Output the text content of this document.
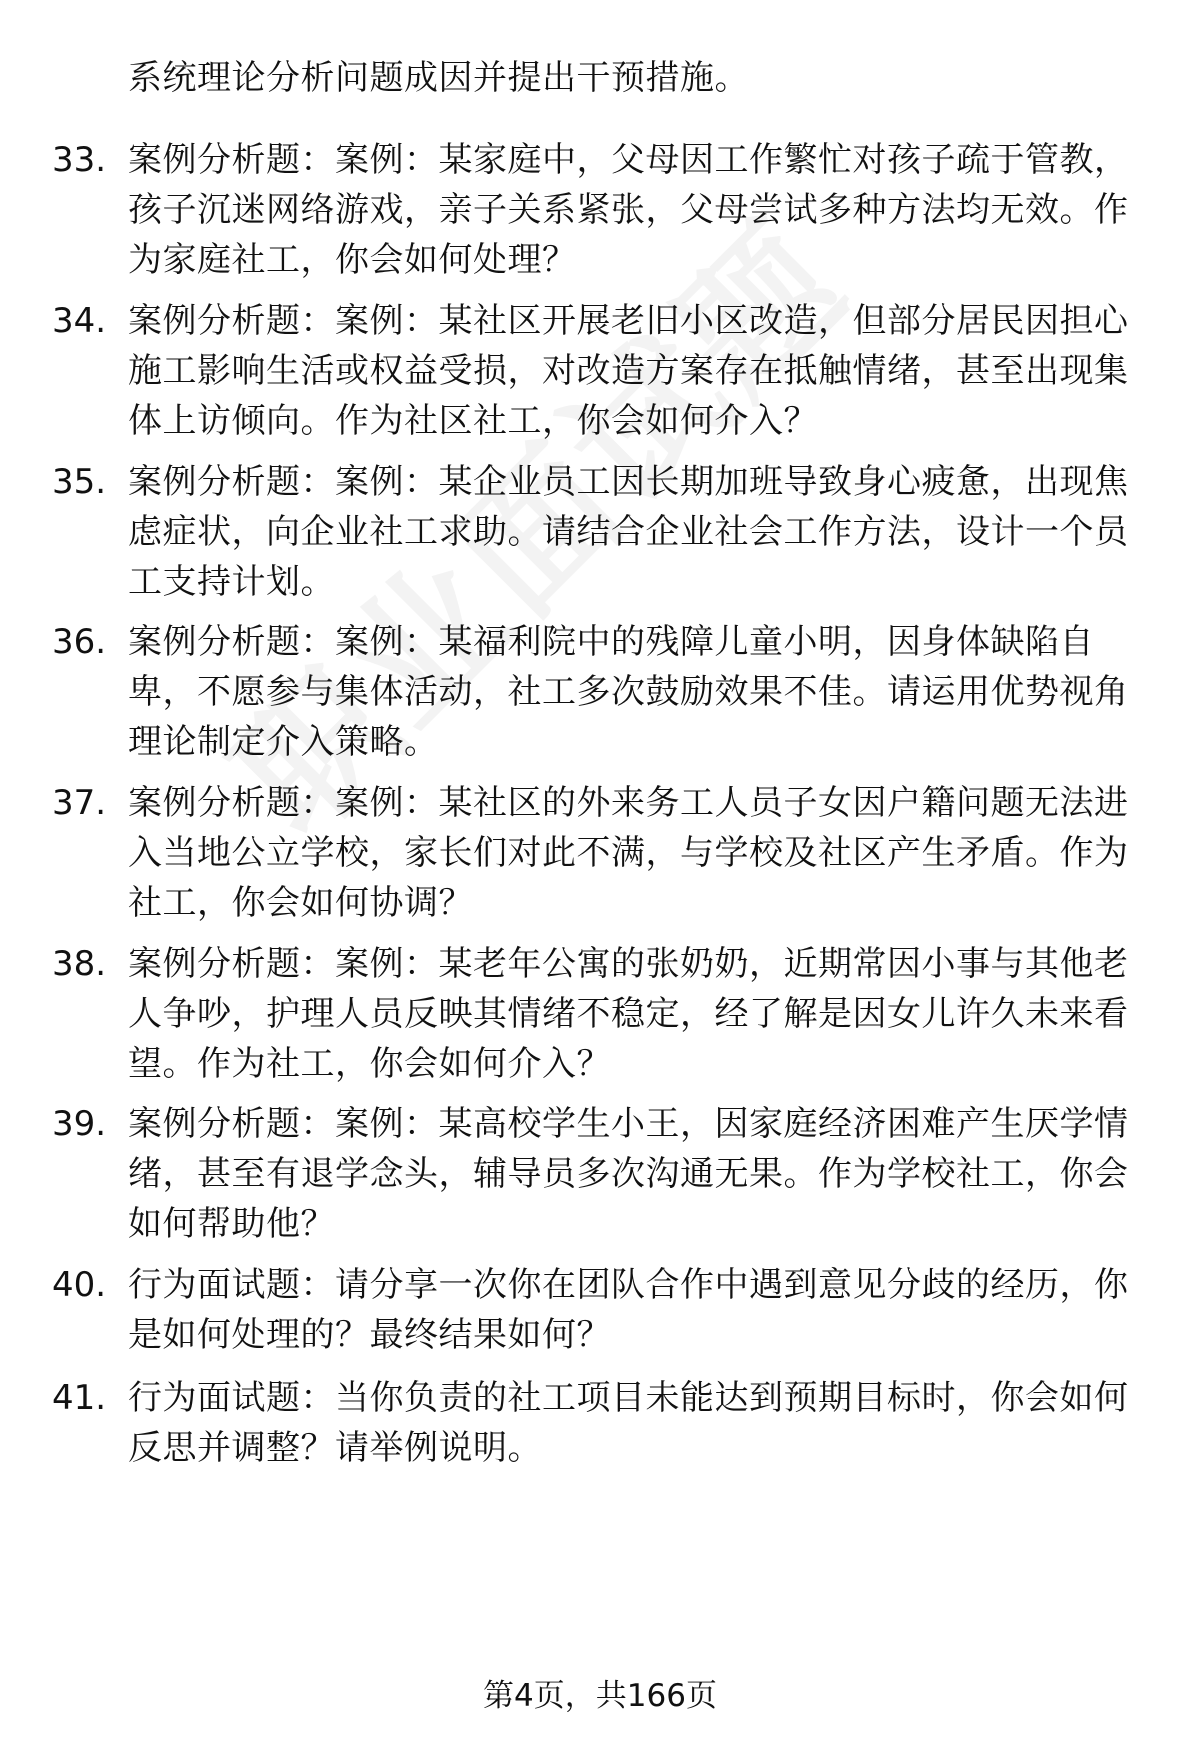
系统理论分析问题成因并提出干预措施。
33. 案例分析题：案例：某家庭中，父母因工作繁忙对孩子疏于管教，孩子沉迷网络游戏，亲子关系紧张，父母尝试多种方法均无效。作为家庭社工，你会如何处理？
34. 案例分析题：案例：某社区开展老旧小区改造，但部分居民因担心施工影响生活或权益受损，对改造方案存在抵触情绪，甚至出现集体上访倾向。作为社区社工，你会如何介入？
35. 案例分析题：案例：某企业员工因长期加班导致身心疲惫，出现焦虑症状，向企业社工求助。请结合企业社会工作方法，设计一个员工支持计划。
36. 案例分析题：案例：某福利院中的残障儿童小明，因身体缺陷自卑，不愿参与集体活动，社工多次鼓励效果不佳。请运用优势视角理论制定介入策略。
37. 案例分析题：案例：某社区的外来务工人员子女因户籍问题无法进入当地公立学校，家长们对此不满，与学校及社区产生矛盾。作为社工，你会如何协调？
38. 案例分析题：案例：某老年公寓的张奶奶，近期常因小事与其他老人争吵，护理人员反映其情绪不稳定，经了解是因女儿许久未来看望。作为社工，你会如何介入？
39. 案例分析题：案例：某高校学生小王，因家庭经济困难产生厌学情绪，甚至有退学念头，辅导员多次沟通无果。作为学校社工，你会如何帮助他？
40. 行为面试题：请分享一次你在团队合作中遇到意见分歧的经历，你是如何处理的？最终结果如何？
41. 行为面试题：当你负责的社工项目未能达到预期目标时，你会如何反思并调整？请举例说明。
第4页，共166页
